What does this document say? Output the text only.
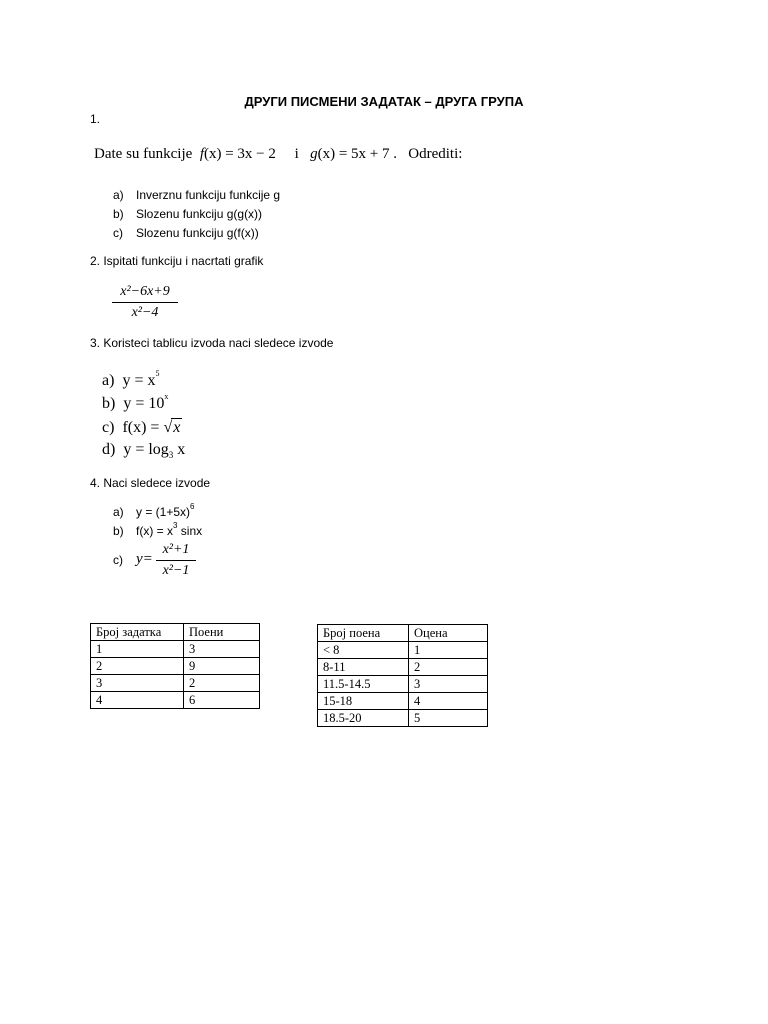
ДРУГИ ПИСМЕНИ ЗАДАТАК – ДРУГА ГРУПА
1.
Date su funkcije f(x) = 3x − 2 i g(x) = 5x + 7 . Odrediti:
a) Inverznu funkciju funkcije g
b) Slozenu funkciju g(g(x))
c) Slozenu funkciju g(f(x))
2. Ispitati funkciju i nacrtati grafik
x²−6x+9
x²−4
3. Koristeci tablicu izvoda naci sledece izvode
a) $y = x^5$
b) $y = 10^x$
c) f(x) = √x
d) $y = \log_3 x$
4. Naci sledece izvode
a) $y = (1+5x)^6$
b) $f(x) = x^3$ sinx
c) y=
x²+1
x²−1
Број задатка	Поени
1	3
2	9
3	2
4	6
Број поена	Оцена
< 8	1
8-11	2
11.5-14.5	3
15-18	4
18.5-20	5
